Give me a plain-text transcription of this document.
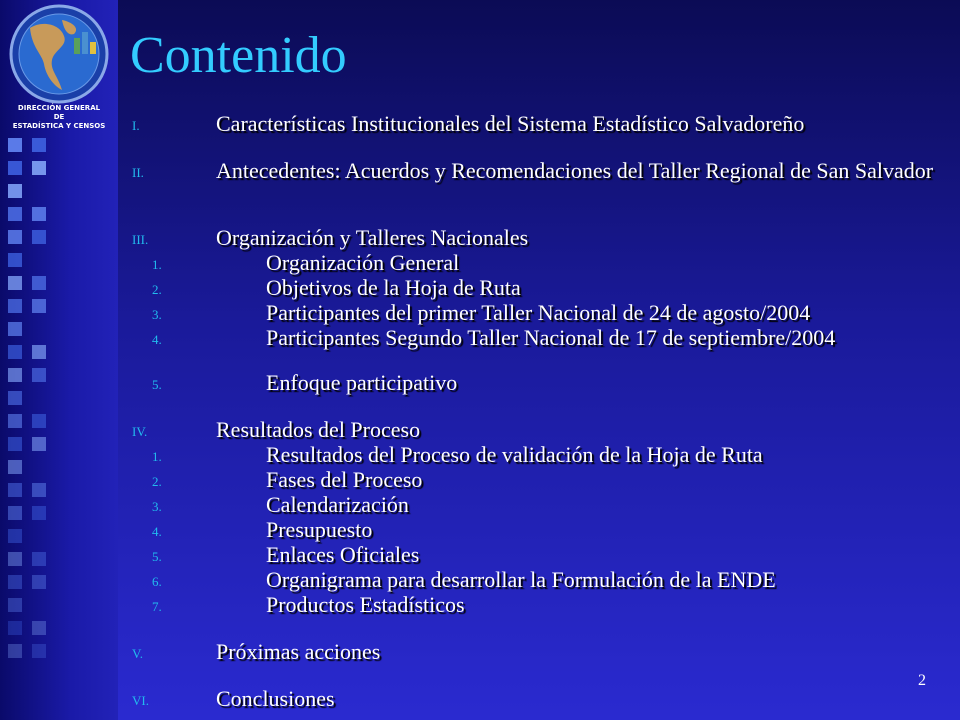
DIRECCIÓN GENERAL
DE
ESTADÍSTICA Y CENSOS
Contenido
I.	Características Institucionales del Sistema Estadístico Salvadoreño
II.	Antecedentes: Acuerdos y Recomendaciones del Taller Regional de San Salvador
III.	Organización y Talleres Nacionales
1.	Organización General
2.	Objetivos de la Hoja de Ruta
3.	Participantes del primer Taller Nacional de 24 de agosto/2004
4.	Participantes Segundo Taller Nacional de 17 de septiembre/2004
5.	Enfoque participativo
IV.	Resultados del Proceso
1.	Resultados del Proceso de validación de la Hoja de Ruta
2.	Fases del Proceso
3.	Calendarización
4.	Presupuesto
5.	Enlaces Oficiales
6.	Organigrama para desarrollar la Formulación de la ENDE
7.	Productos Estadísticos
V.	Próximas acciones
VI.	Conclusiones
2
